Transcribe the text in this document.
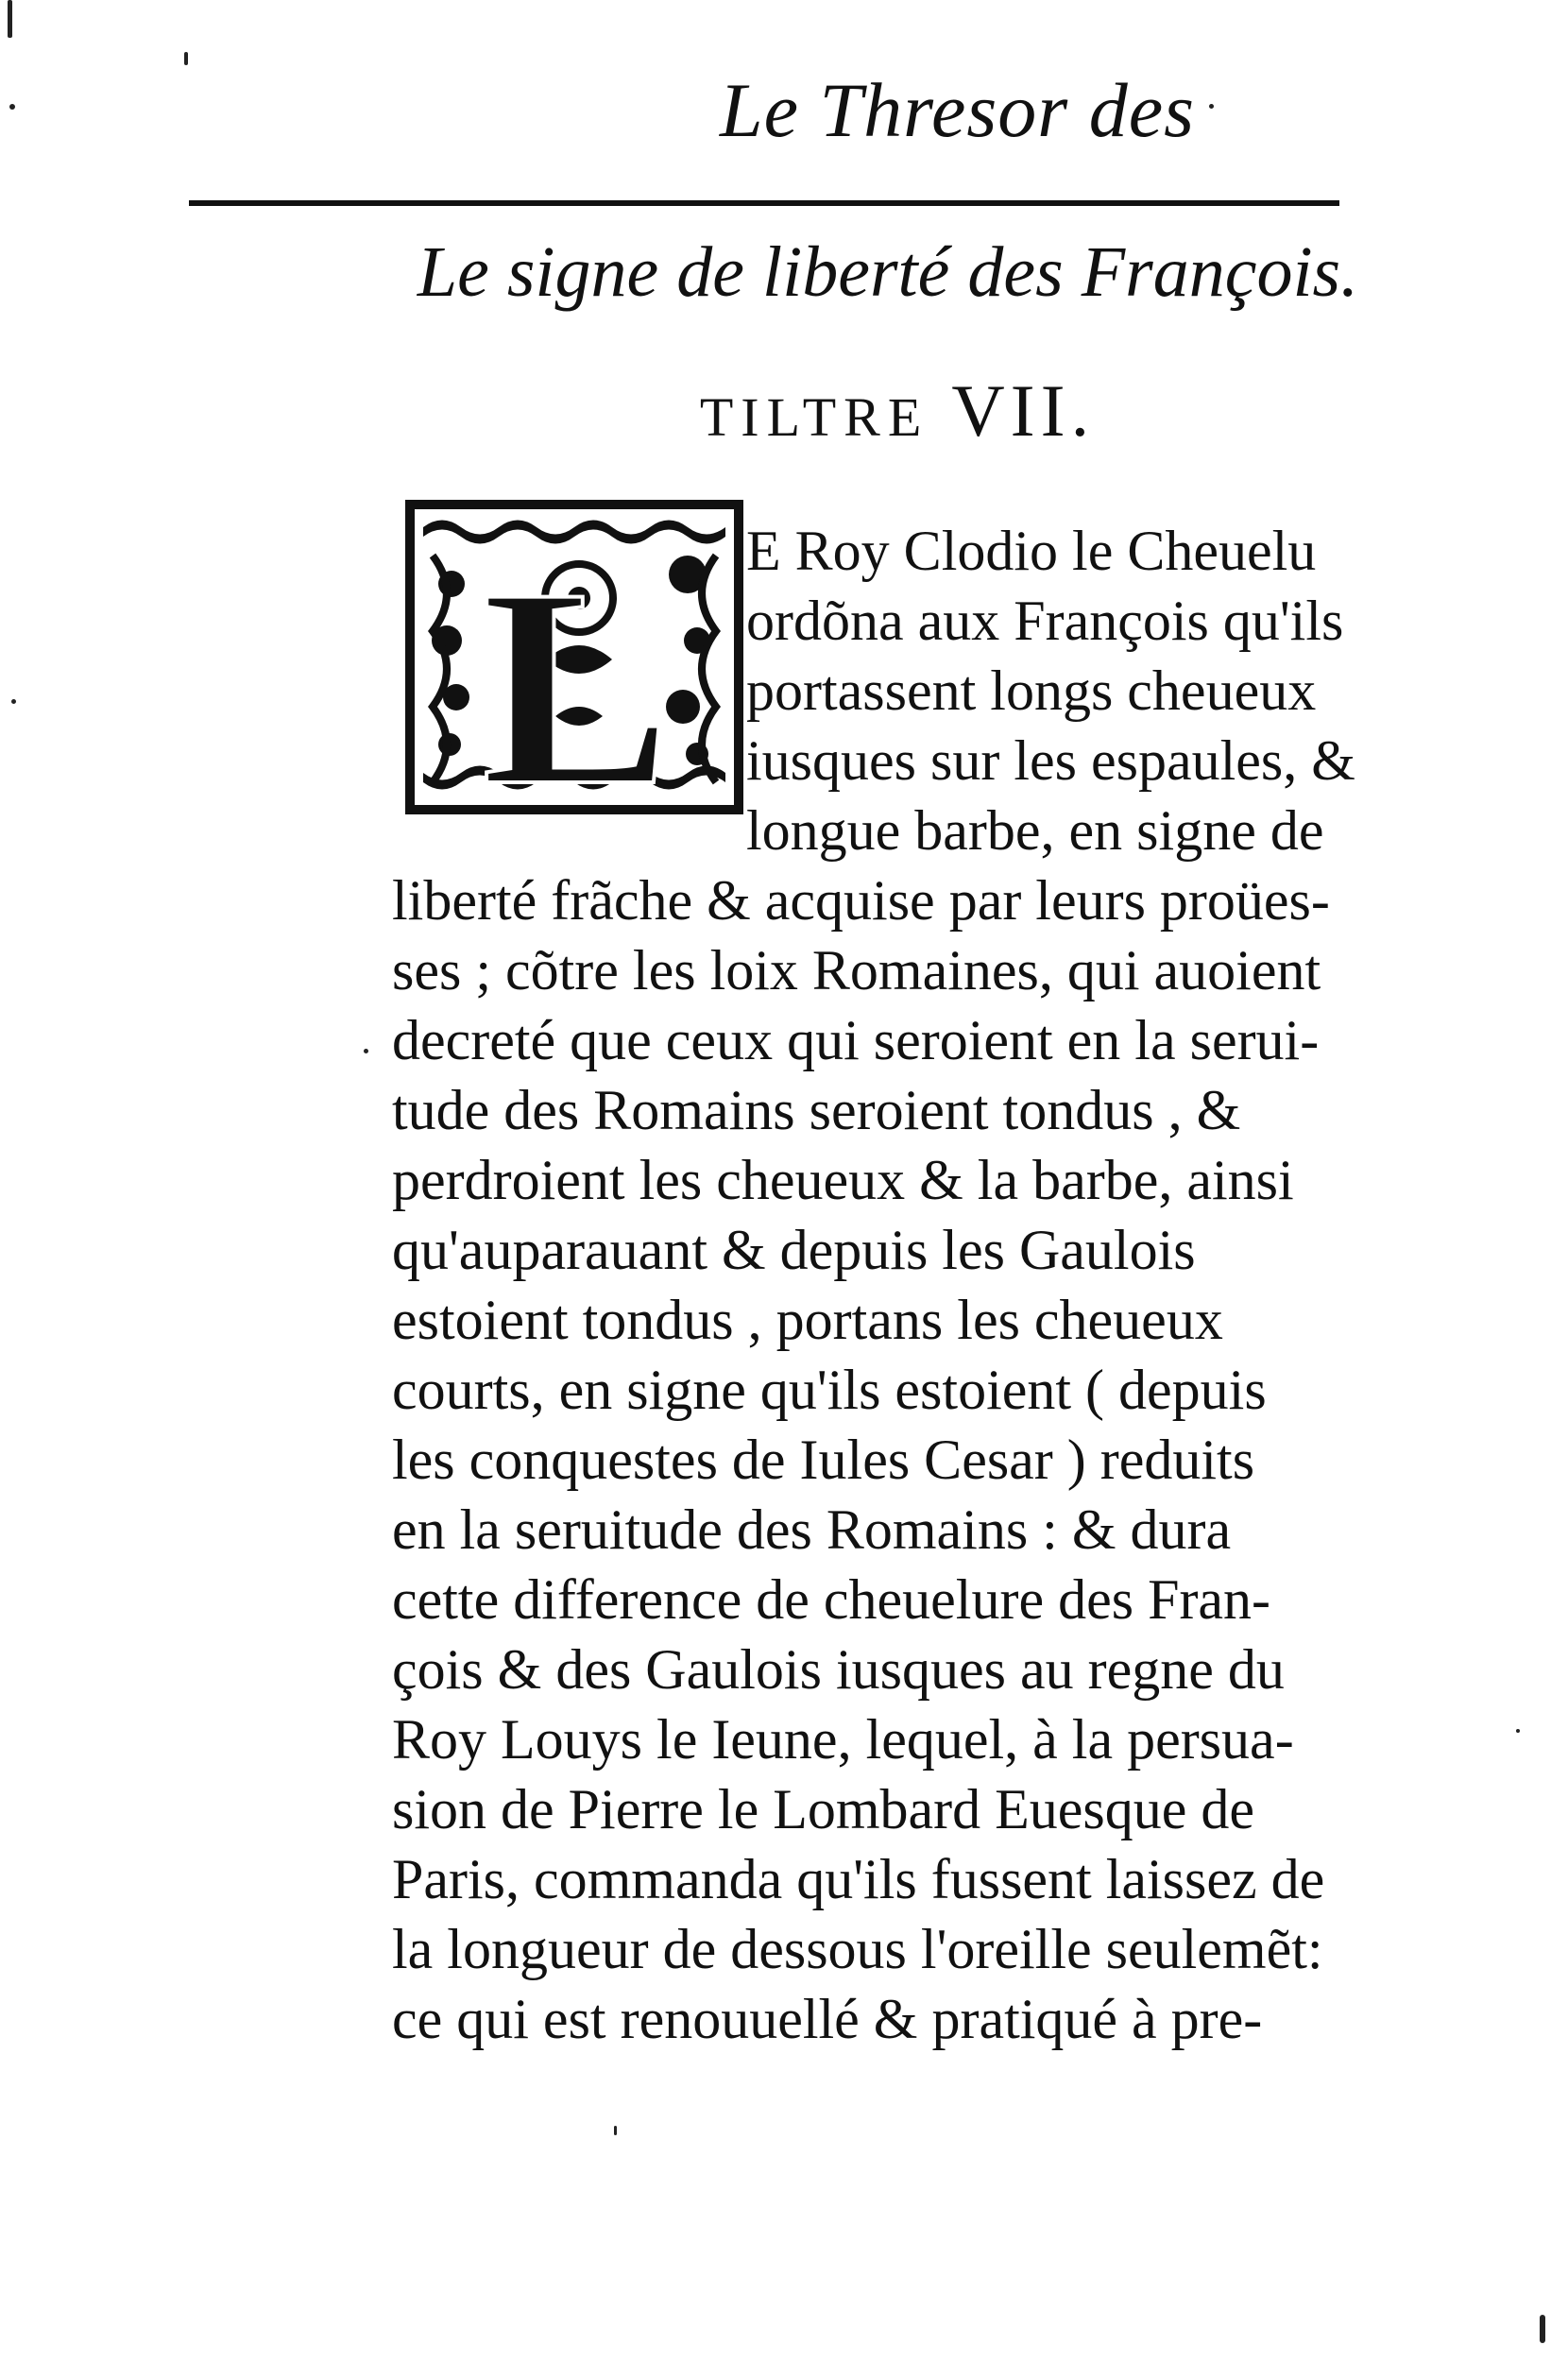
Le Thresor des
Le signe de liberté des François.
TILTRE VII.
L E Roy Clodio le Cheuelu
ordõna aux François qu'ils
portassent longs cheueux
iusques sur les espaules, &
longue barbe, en signe de
liberté frãche & acquise par leurs proües-
ses ; cõtre les loix Romaines, qui auoient
decreté que ceux qui seroient en la serui-
tude des Romains seroient tondus , &
perdroient les cheueux & la barbe, ainsi
qu'auparauant & depuis les Gaulois
estoient tondus , portans les cheueux
courts, en signe qu'ils estoient ( depuis
les conquestes de Iules Cesar ) reduits
en la seruitude des Romains : & dura
cette difference de cheuelure des Fran-
çois & des Gaulois iusques au regne du
Roy Louys le Ieune, lequel, à la persua-
sion de Pierre le Lombard Euesque de
Paris, commanda qu'ils fussent laissez de
la longueur de dessous l'oreille seulemẽt:
ce qui est renouuellé & pratiqué à pre-
